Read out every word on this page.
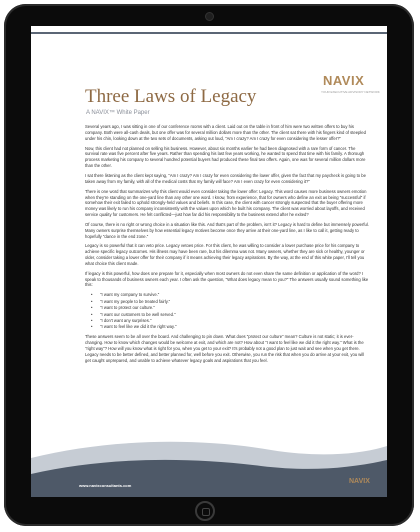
NAVIX
YOUR EXECUTIVE ADVISORY NETWORK
Three Laws of Legacy
A NAVIX™ White Paper

Several years ago, I was sitting in one of our conference rooms with a client. Laid out on the table in front of him were two written offers to buy his company. Both were all-cash deals, but one offer was for several million dollars more than the other. The client sat there with his fingers kind of steepled under his chin, looking down at the two sets of documents, asking out loud, "Am I crazy? Am I crazy for even considering the lesser offer?"

Now, this client had not planned on selling his business. However, about six months earlier he had been diagnosed with a rare form of cancer. The survival rate was five percent after five years. Rather than spending his last few years working, he wanted to spend that time with his family. A thorough process marketing his company to several hundred potential buyers had produced these final two offers. Again, one was for several million dollars more than the other.

I sat there listening as the client kept saying, "Am I crazy? Am I crazy for even considering the lower offer, given the fact that my paycheck is going to be taken away from my family, with all of the medical costs that my family will face? Am I even crazy for even considering it?"

There is one word that summarizes why this client would even consider taking the lower offer: Legacy. This word causes more business owners emotion when they're standing on the one-yard line than any other one word. I know, from experience, that for owners who define an exit as being "successful" if somehow their exit failed to uphold strongly-held values and beliefs. In this case, the client with cancer strongly suspected that the buyer offering more money was likely to run his company inconsistently with the values upon which he built his company. The client was worried about layoffs, and received service quality for customers. He felt conflicted—just how far did his responsibility to the business extend after he exited?

Of course, there is no right or wrong choice in a situation like this. And that's part of the problem, isn't it? Legacy is hard to define but immensely powerful. Many owners surprise themselves by how essential legacy motives become once they arrive at their one-yard line, as I like to call it, getting ready to hopefully "dance in the end zone."

Legacy is so powerful that it can veto price. Legacy vetoes price. For this client, he was willing to consider a lower purchase price for his company to achieve specific legacy outcomes. His illness may have been rare, but his dilemma was not. Many owners, whether they are sick or healthy, younger or older, consider taking a lower offer for their company if it means achieving their legacy aspirations. By the way, at the end of this white paper, I'll tell you what choice this client made.

If legacy is this powerful, how does one prepare for it, especially when most owners do not even share the same definition or application of the word? I speak to thousands of business owners each year. I often ask the question, "What does legacy mean to you?" The answers usually sound something like this:

• "I want my company to survive."
• "I want my people to be treated fairly."
• "I want to protect our culture."
• "I want our customers to be well served."
• "I don't want any surprises."
• "I want to feel like we did it the right way."

These answers seem to be all over the board. And challenging to pin down. What does "protect our culture" mean? Culture is not static; it is ever-changing. How to know which changes would be welcome at exit, and which are not? How about "I want to feel like we did it the right way." What is the "right way"? How will you know what is right for you, when you get to your exit? It's probably not a good plan to just wait and see when you get there. Legacy needs to be better defined, and better planned for, well before you exit. Otherwise, you run the risk that when you do arrive at your exit, you will get caught unprepared, and unable to achieve whatever legacy goals and aspirations that you feel.

www.navixconsultants.com
NAVIX
